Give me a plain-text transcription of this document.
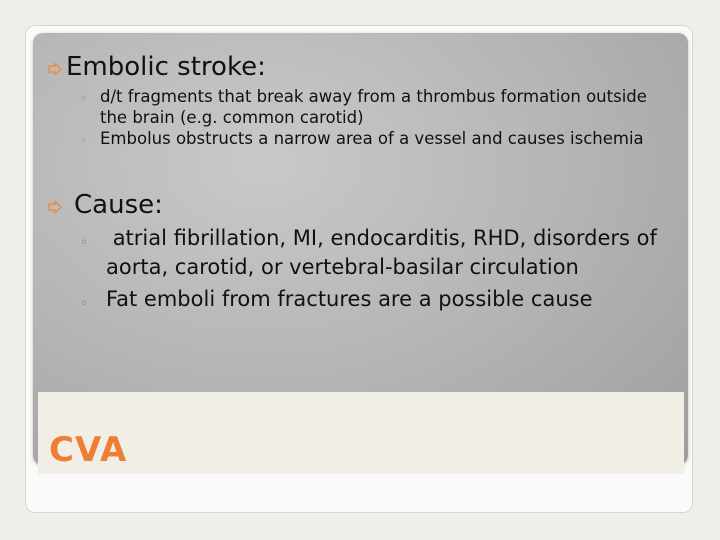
Embolic stroke:
◦ d/t fragments that break away from a thrombus formation outside the brain (e.g. common carotid)
◦ Embolus obstructs a narrow area of a vessel and causes ischemia
Cause:
◦ atrial fibrillation, MI, endocarditis, RHD, disorders of aorta, carotid, or vertebral-basilar circulation
◦ Fat emboli from fractures are a possible cause
CVA
